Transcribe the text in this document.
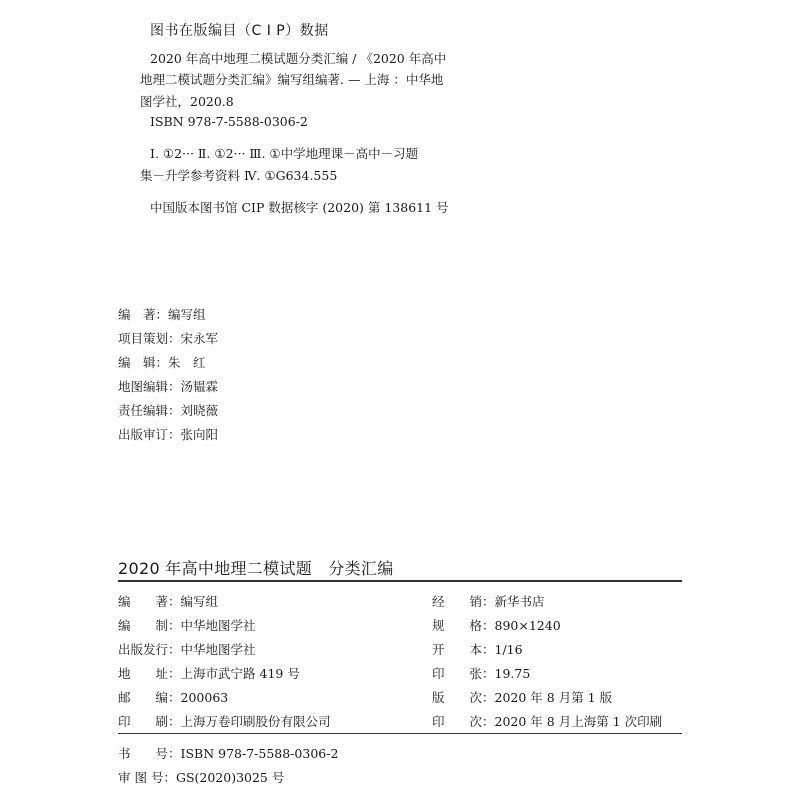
图书在版编目（C I P）数据
2020 年高中地理二模试题分类汇编 / 《2020 年高中
地理二模试题分类汇编》编写组编著. — 上海 ：中华地
图学社，2020.8
ISBN 978-7-5588-0306-2
Ⅰ. ①2··· Ⅱ. ①2··· Ⅲ. ①中学地理课－高中－习题
集－升学参考资料 Ⅳ. ①G634.555
中国版本图书馆 CIP 数据核字 (2020) 第 138611 号
编　著：编写组
项目策划：宋永军
编　辑：朱　红
地图编辑：汤韫霖
责任编辑：刘晓薇
出版审订：张向阳
2020 年高中地理二模试题　分类汇编
编　　著：编写组
编　　制：中华地图学社
出版发行：中华地图学社
地　　址：上海市武宁路 419 号
邮　　编：200063
印　　刷：上海万卷印刷股份有限公司
经　　销：新华书店
规　　格：890×1240
开　　本：1/16
印　　张：19.75
版　　次：2020 年 8 月第 1 版
印　　次：2020 年 8 月上海第 1 次印刷
书　　号：ISBN 978-7-5588-0306-2
审 图 号：GS(2020)3025 号
